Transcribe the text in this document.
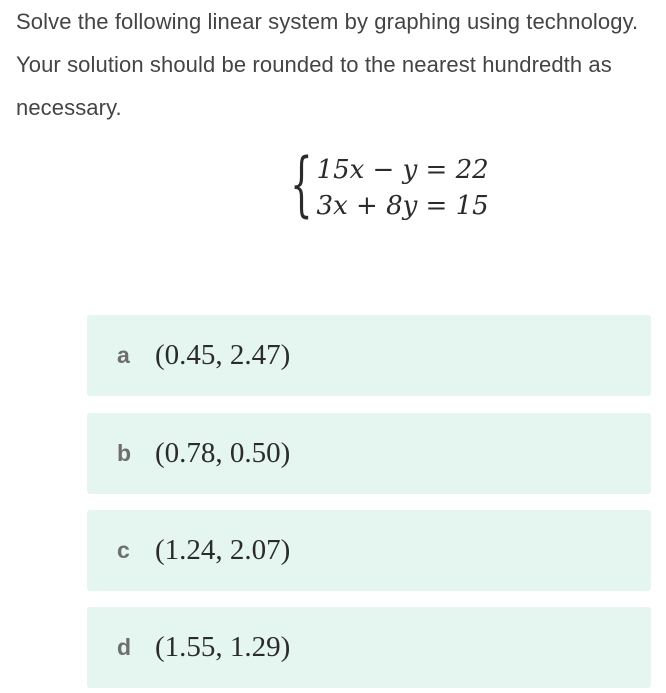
Solve the following linear system by graphing using technology. Your solution should be rounded to the nearest hundredth as necessary.
{ 15x − y = 22
3x + 8y = 15
a (0.45, 2.47)
b (0.78, 0.50)
c (1.24, 2.07)
d (1.55, 1.29)
